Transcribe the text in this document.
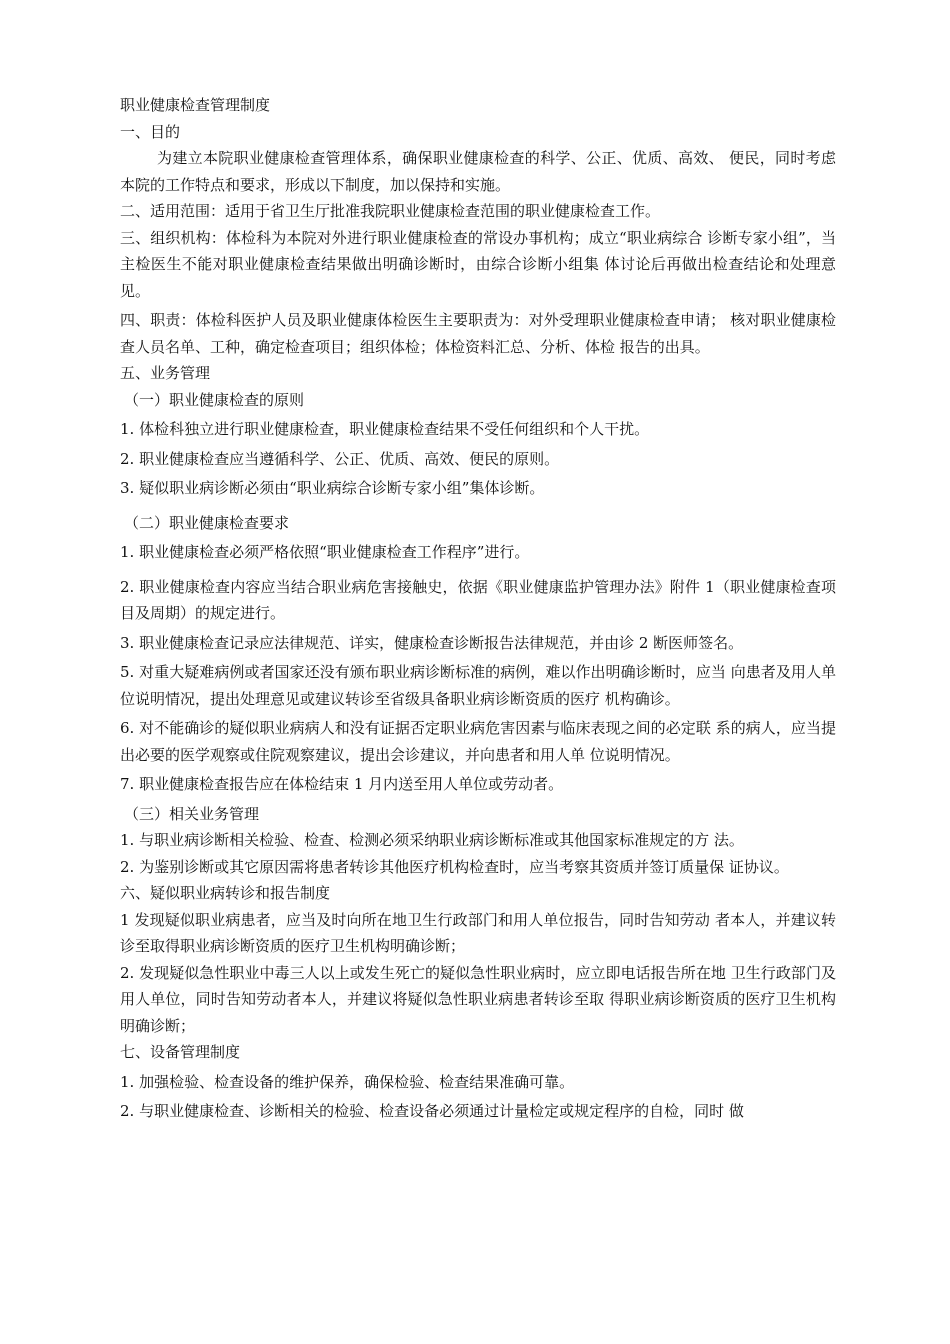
职业健康检查管理制度

一、目的

为建立本院职业健康检查管理体系，确保职业健康检查的科学、公正、优质、高效、 便民，同时考虑本院的工作特点和要求，形成以下制度，加以保持和实施。

二、适用范围：适用于省卫生厅批准我院职业健康检查范围的职业健康检查工作。

三、组织机构：体检科为本院对外进行职业健康检查的常设办事机构；成立“职业病综合 诊断专家小组”，当主检医生不能对职业健康检查结果做出明确诊断时，由综合诊断小组集 体讨论后再做出检查结论和处理意见。

四、职责：体检科医护人员及职业健康体检医生主要职责为：对外受理职业健康检查申请； 核对职业健康检查人员名单、工种，确定检查项目；组织体检；体检资料汇总、分析、体检 报告的出具。

五、业务管理

（一）职业健康检查的原则

1. 体检科独立进行职业健康检查，职业健康检查结果不受任何组织和个人干扰。

2. 职业健康检查应当遵循科学、公正、优质、高效、便民的原则。

3. 疑似职业病诊断必须由“职业病综合诊断专家小组”集体诊断。

（二）职业健康检查要求

1. 职业健康检查必须严格依照“职业健康检查工作程序”进行。

2. 职业健康检查内容应当结合职业病危害接触史，依据《职业健康监护管理办法》附件 1（职业健康检查项目及周期）的规定进行。

3. 职业健康检查记录应法律规范、详实，健康检查诊断报告法律规范，并由诊 2 断医师签名。

5. 对重大疑难病例或者国家还没有颁布职业病诊断标准的病例，难以作出明确诊断时，应当 向患者及用人单位说明情况，提出处理意见或建议转诊至省级具备职业病诊断资质的医疗 机构确诊。

6. 对不能确诊的疑似职业病病人和没有证据否定职业病危害因素与临床表现之间的必定联 系的病人，应当提出必要的医学观察或住院观察建议，提出会诊建议，并向患者和用人单 位说明情况。

7. 职业健康检查报告应在体检结束 1 月内送至用人单位或劳动者。

（三）相关业务管理

1. 与职业病诊断相关检验、检查、检测必须采纳职业病诊断标准或其他国家标准规定的方 法。

2. 为鉴别诊断或其它原因需将患者转诊其他医疗机构检查时，应当考察其资质并签订质量保 证协议。

六、疑似职业病转诊和报告制度

1 发现疑似职业病患者，应当及时向所在地卫生行政部门和用人单位报告，同时告知劳动 者本人，并建议转诊至取得职业病诊断资质的医疗卫生机构明确诊断；

2. 发现疑似急性职业中毒三人以上或发生死亡的疑似急性职业病时，应立即电话报告所在地 卫生行政部门及用人单位，同时告知劳动者本人，并建议将疑似急性职业病患者转诊至取 得职业病诊断资质的医疗卫生机构 明确诊断；

七、设备管理制度

1. 加强检验、检查设备的维护保养，确保检验、检查结果准确可靠。

2. 与职业健康检查、诊断相关的检验、检查设备必须通过计量检定或规定程序的自检，同时 做
